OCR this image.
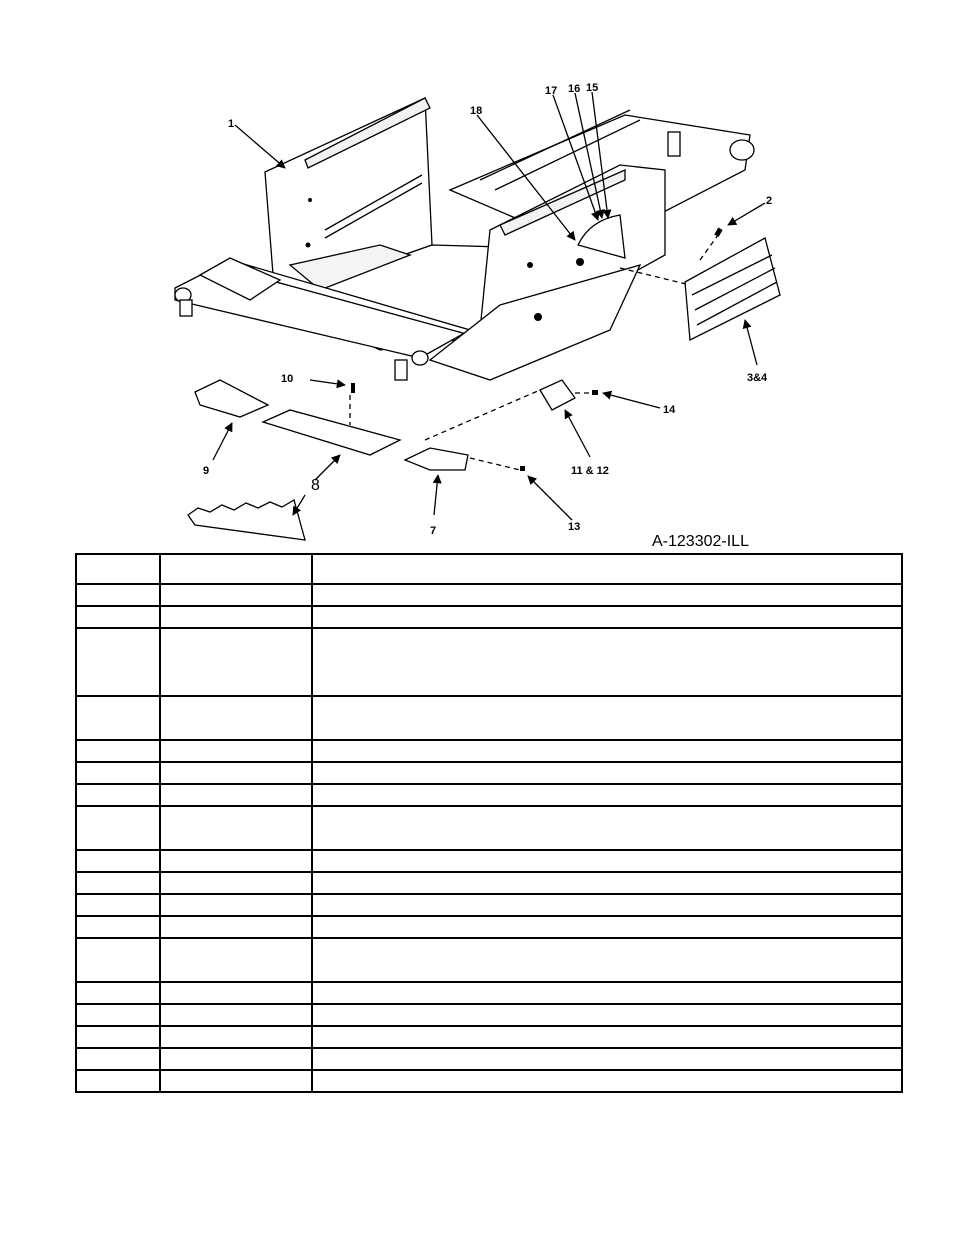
1
2
3&4
7
8
9
10
11 & 12
13
14
15
16
17
18
A-123302-ILL
